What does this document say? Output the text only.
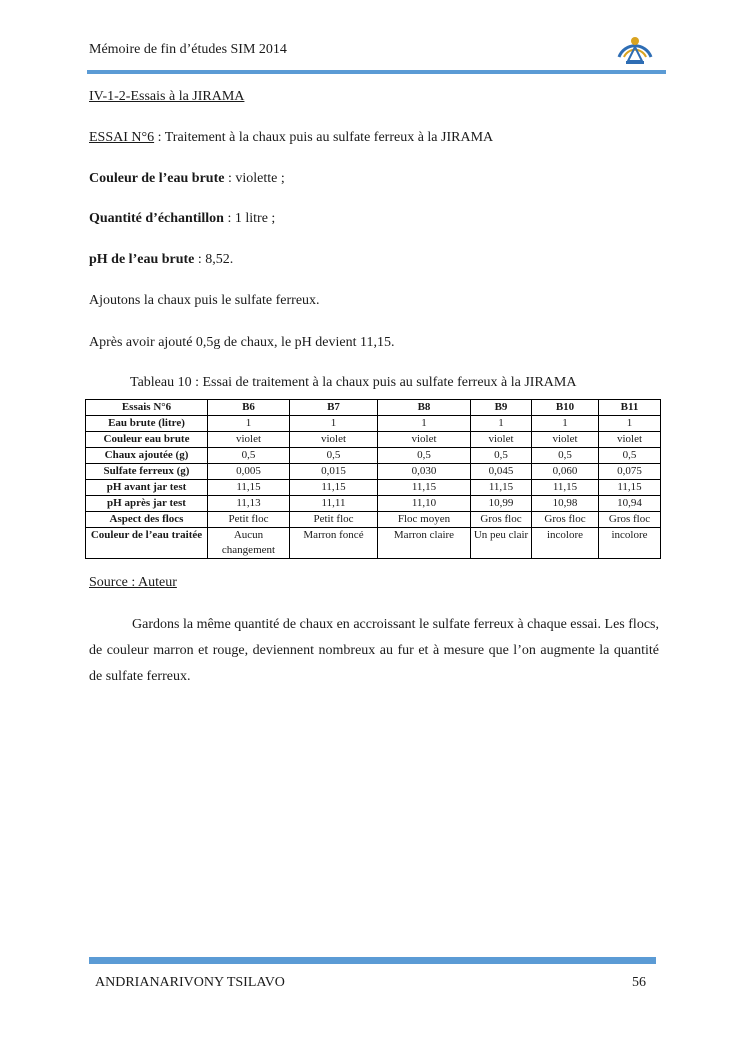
Mémoire de fin d’études SIM 2014
IV-1-2-Essais à la JIRAMA
ESSAI N°6 : Traitement à la chaux puis au sulfate ferreux à la JIRAMA
Couleur de l’eau brute : violette ;
Quantité d’échantillon : 1 litre ;
pH de l’eau brute : 8,52.
Ajoutons la chaux puis le sulfate ferreux.
Après avoir ajouté 0,5g de chaux, le pH devient 11,15.
Tableau 10 : Essai de traitement à la chaux puis au sulfate ferreux à la JIRAMA
Essais N°6	B6	B7	B8	B9	B10	B11
Eau brute (litre)	1	1	1	1	1	1
Couleur eau brute	violet	violet	violet	violet	violet	violet
Chaux ajoutée (g)	0,5	0,5	0,5	0,5	0,5	0,5
Sulfate ferreux (g)	0,005	0,015	0,030	0,045	0,060	0,075
pH avant jar test	11,15	11,15	11,15	11,15	11,15	11,15
pH après jar test	11,13	11,11	11,10	10,99	10,98	10,94
Aspect des flocs	Petit floc	Petit floc	Floc moyen	Gros floc	Gros floc	Gros floc
Couleur de l’eau traitée	Aucun changement	Marron foncé	Marron claire	Un peu clair	incolore	incolore
Source : Auteur
Gardons la même quantité de chaux en accroissant le sulfate ferreux à chaque essai. Les flocs, de couleur marron et rouge, deviennent nombreux au fur et à mesure que l’on augmente la quantité de sulfate ferreux.
ANDRIANARIVONY TSILAVO	56
